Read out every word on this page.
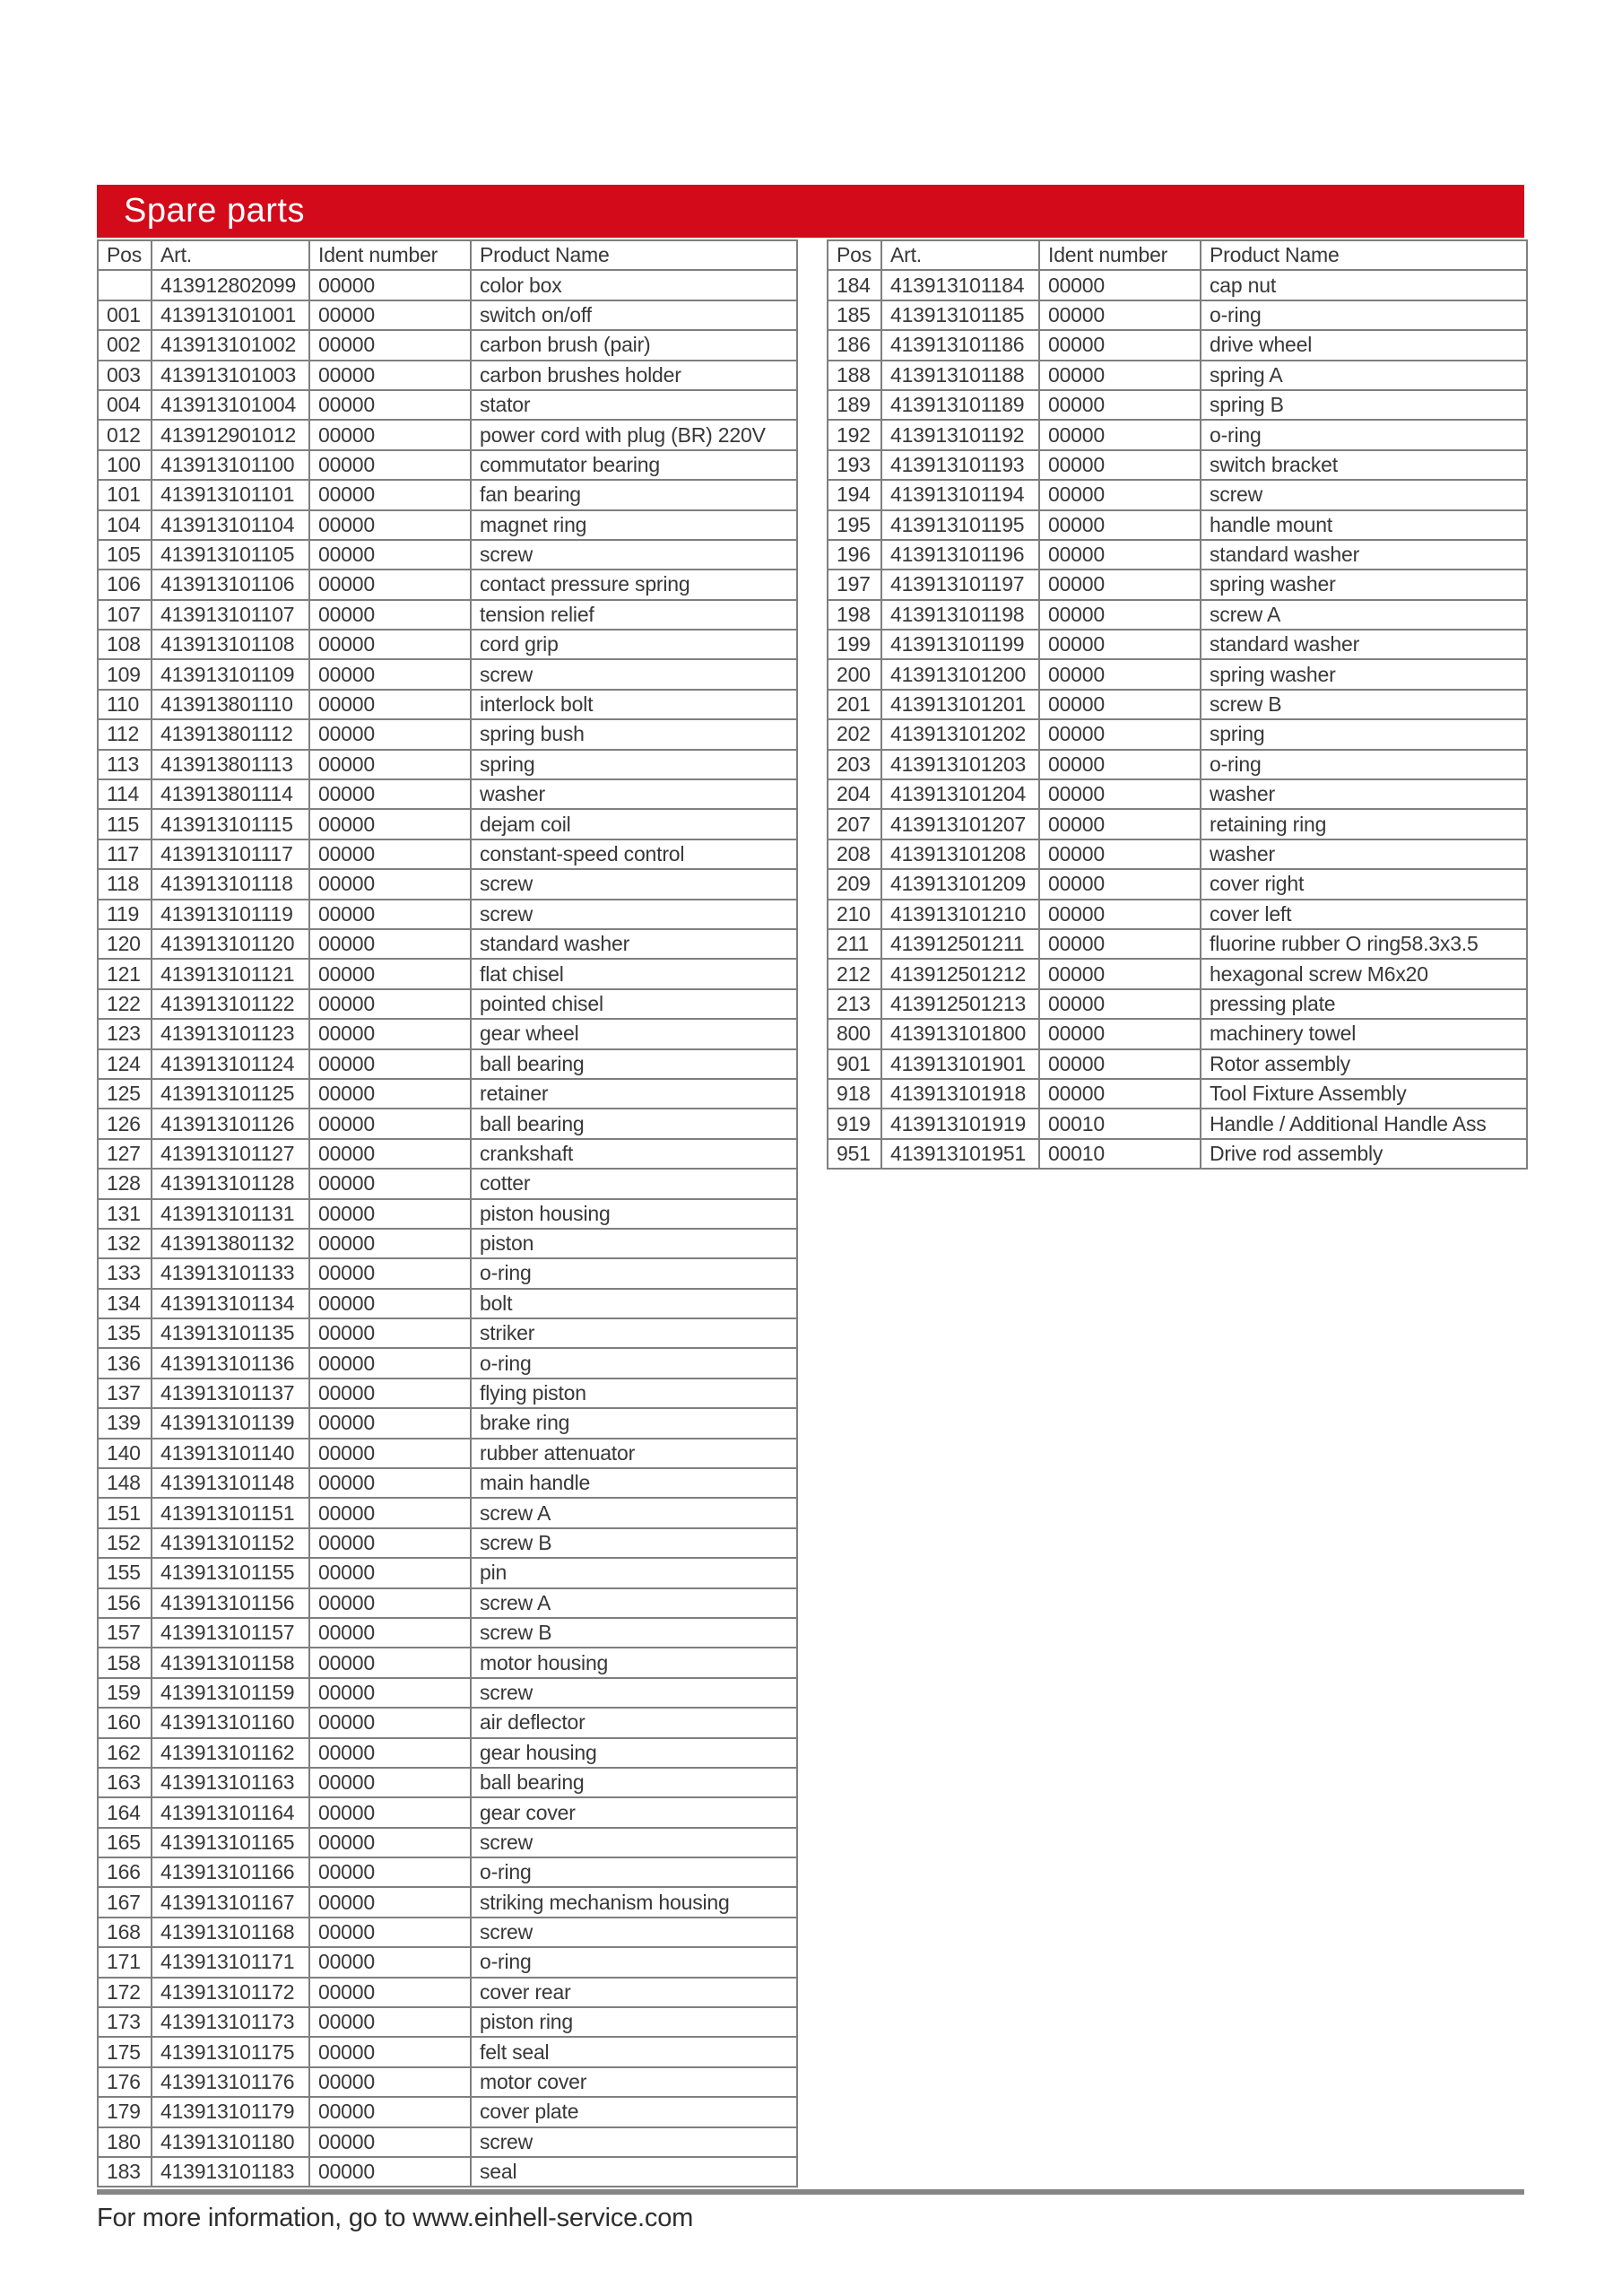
Spare parts
Pos	Art.	Ident number	Product Name
	413912802099	00000	color box
001	413913101001	00000	switch on/off
002	413913101002	00000	carbon brush (pair)
003	413913101003	00000	carbon brushes holder
004	413913101004	00000	stator
012	413912901012	00000	power cord with plug (BR) 220V
100	413913101100	00000	commutator bearing
101	413913101101	00000	fan bearing
104	413913101104	00000	magnet ring
105	413913101105	00000	screw
106	413913101106	00000	contact pressure spring
107	413913101107	00000	tension relief
108	413913101108	00000	cord grip
109	413913101109	00000	screw
110	413913801110	00000	interlock bolt
112	413913801112	00000	spring bush
113	413913801113	00000	spring
114	413913801114	00000	washer
115	413913101115	00000	dejam coil
117	413913101117	00000	constant-speed control
118	413913101118	00000	screw
119	413913101119	00000	screw
120	413913101120	00000	standard washer
121	413913101121	00000	flat chisel
122	413913101122	00000	pointed chisel
123	413913101123	00000	gear wheel
124	413913101124	00000	ball bearing
125	413913101125	00000	retainer
126	413913101126	00000	ball bearing
127	413913101127	00000	crankshaft
128	413913101128	00000	cotter
131	413913101131	00000	piston housing
132	413913801132	00000	piston
133	413913101133	00000	o-ring
134	413913101134	00000	bolt
135	413913101135	00000	striker
136	413913101136	00000	o-ring
137	413913101137	00000	flying piston
139	413913101139	00000	brake ring
140	413913101140	00000	rubber attenuator
148	413913101148	00000	main handle
151	413913101151	00000	screw A
152	413913101152	00000	screw B
155	413913101155	00000	pin
156	413913101156	00000	screw A
157	413913101157	00000	screw B
158	413913101158	00000	motor housing
159	413913101159	00000	screw
160	413913101160	00000	air deflector
162	413913101162	00000	gear housing
163	413913101163	00000	ball bearing
164	413913101164	00000	gear cover
165	413913101165	00000	screw
166	413913101166	00000	o-ring
167	413913101167	00000	striking mechanism housing
168	413913101168	00000	screw
171	413913101171	00000	o-ring
172	413913101172	00000	cover rear
173	413913101173	00000	piston ring
175	413913101175	00000	felt seal
176	413913101176	00000	motor cover
179	413913101179	00000	cover plate
180	413913101180	00000	screw
183	413913101183	00000	seal
Pos	Art.	Ident number	Product Name
184	413913101184	00000	cap nut
185	413913101185	00000	o-ring
186	413913101186	00000	drive wheel
188	413913101188	00000	spring A
189	413913101189	00000	spring B
192	413913101192	00000	o-ring
193	413913101193	00000	switch bracket
194	413913101194	00000	screw
195	413913101195	00000	handle mount
196	413913101196	00000	standard washer
197	413913101197	00000	spring washer
198	413913101198	00000	screw A
199	413913101199	00000	standard washer
200	413913101200	00000	spring washer
201	413913101201	00000	screw B
202	413913101202	00000	spring
203	413913101203	00000	o-ring
204	413913101204	00000	washer
207	413913101207	00000	retaining ring
208	413913101208	00000	washer
209	413913101209	00000	cover right
210	413913101210	00000	cover left
211	413912501211	00000	fluorine rubber O ring58.3x3.5
212	413912501212	00000	hexagonal screw M6x20
213	413912501213	00000	pressing plate
800	413913101800	00000	machinery towel
901	413913101901	00000	Rotor assembly
918	413913101918	00000	Tool Fixture Assembly
919	413913101919	00010	Handle / Additional Handle Ass
951	413913101951	00010	Drive rod assembly
For more information, go to www.einhell-service.com
